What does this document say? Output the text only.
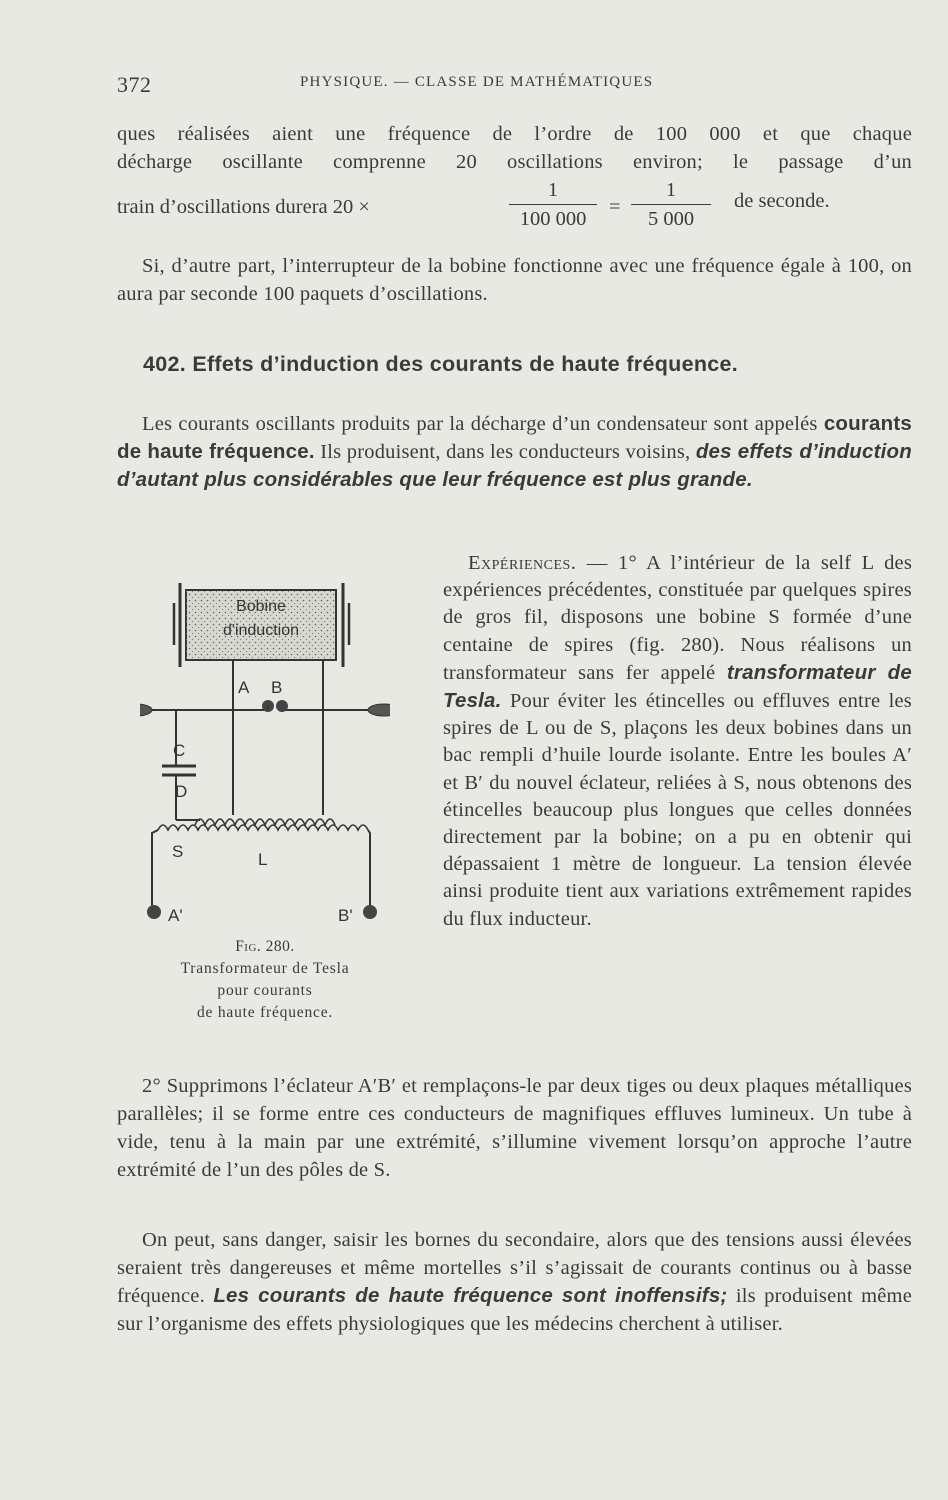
372	PHYSIQUE. — CLASSE DE MATHÉMATIQUES

ques réalisées aient une fréquence de l’ordre de 100 000 et que chaque

décharge oscillante comprenne 20 oscillations environ; le passage d’un

train d’oscillations durera 20 ×
1
100 000
=
1
5 000
de seconde.
Si, d’autre part, l’interrupteur de la bobine fonctionne avec une fréquence égale à 100, on aura par seconde 100 paquets d’oscillations.
402. Effets d’induction des courants de haute fréquence.
Les courants oscillants produits par la décharge d’un condensateur sont appelés courants de haute fréquence. Ils produisent, dans les conducteurs voisins, des effets d’induction d’autant plus considérables que leur fréquence est plus grande.
Bobine
d'induction
A B
C
D
S	L
A'	B'

Fig. 280.

Transformateur de Tesla

pour courants

de haute fréquence.

Expériences. — 1° A l’intérieur de la self L des expériences précédentes, constituée par quelques spires de gros fil, disposons une bobine S formée d’une centaine de spires (fig. 280). Nous réalisons un transformateur sans fer appelé transformateur de Tesla. Pour éviter les étincelles ou effluves entre les spires de L ou de S, plaçons les deux bobines dans un bac rempli d’huile lourde isolante. Entre les boules A′ et B′ du nouvel éclateur, reliées à S, nous obtenons des étincelles beaucoup plus longues que celles données directement par la bobine; on a pu en obtenir qui dépassaient 1 mètre de longueur. La tension élevée ainsi produite tient aux variations extrêmement rapides du flux inducteur.
2° Supprimons l’éclateur A′B′ et remplaçons-le par deux tiges ou deux plaques métalliques parallèles; il se forme entre ces conducteurs de magnifiques effluves lumineux. Un tube à vide, tenu à la main par une extrémité, s’illumine vivement lorsqu’on approche l’autre extrémité de l’un des pôles de S.
On peut, sans danger, saisir les bornes du secondaire, alors que des tensions aussi élevées seraient très dangereuses et même mortelles s’il s’agissait de courants continus ou à basse fréquence. Les courants de haute fréquence sont inoffensifs; ils produisent même sur l’organisme des effets physiologiques que les médecins cherchent à utiliser.
